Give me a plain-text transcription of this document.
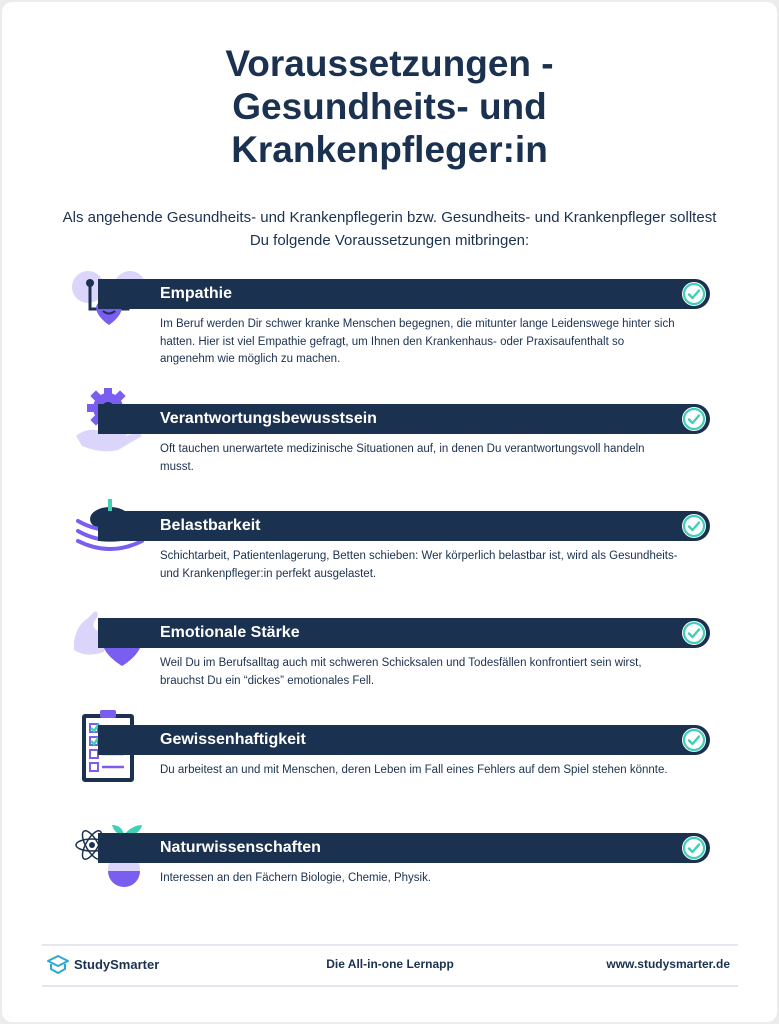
Voraussetzungen -
Gesundheits- und
Krankenpfleger:in
Als angehende Gesundheits- und Krankenpflegerin bzw. Gesundheits- und Krankenpfleger solltest Du folgende Voraussetzungen mitbringen:
Empathie
Im Beruf werden Dir schwer kranke Menschen begegnen, die mitunter lange Leidenswege hinter sich hatten. Hier ist viel Empathie gefragt, um Ihnen den Krankenhaus- oder Praxisaufenthalt so angenehm wie möglich zu machen.
Verantwortungsbewusstsein
Oft tauchen unerwartete medizinische Situationen auf, in denen Du verantwortungsvoll handeln musst.
Belastbarkeit
Schichtarbeit, Patientenlagerung, Betten schieben: Wer körperlich belastbar ist, wird als Gesundheits- und Krankenpfleger:in perfekt ausgelastet.
Emotionale Stärke
Weil Du im Berufsalltag auch mit schweren Schicksalen und Todesfällen konfrontiert sein wirst, brauchst Du ein “dickes” emotionales Fell.
Gewissenhaftigkeit
Du arbeitest an und mit Menschen, deren Leben im Fall eines Fehlers auf dem Spiel stehen könnte.
Naturwissenschaften
Interessen an den Fächern Biologie, Chemie, Physik.
StudySmarter	Die All-in-one Lernapp	www.studysmarter.de
